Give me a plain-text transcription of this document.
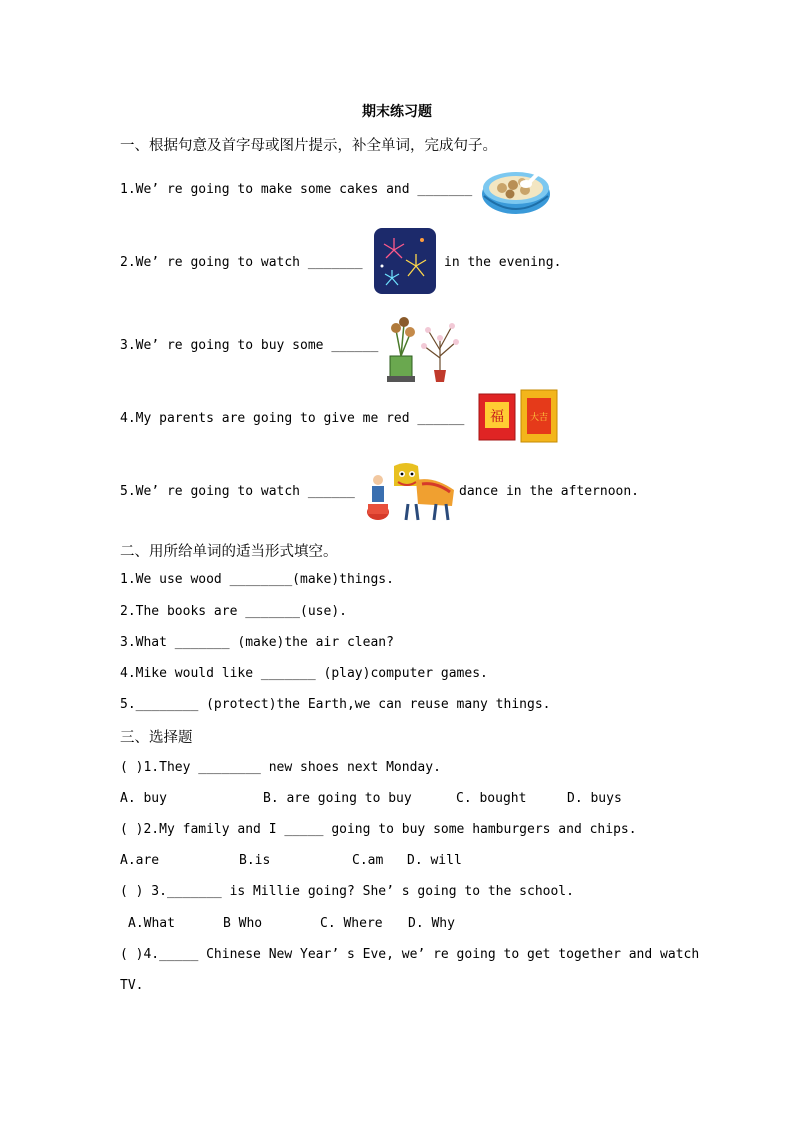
期末练习题
一、根据句意及首字母或图片提示，补全单词，完成句子。
1.We’ re going to make some cakes and _______
2.We’ re going to watch _______	in the evening.
3.We’ re going to buy some ______
4.My parents are going to give me red ______ 福	大吉
5.We’ re going to watch ______	dance in the afternoon.
二、用所给单词的适当形式填空。
1.We use wood ________(make)things.
2.The books are _______(use).
3.What _______ (make)the air clean?
4.Mike would like _______ (play)computer games.
5.________ (protect)the Earth,we can reuse many things.
三、选择题
( )1.They ________ new shoes next Monday.
A. buy	B. are going to buy	C. bought	D. buys
( )2.My family and I _____ going to buy some hamburgers and chips.
A.are	B.is	C.am D. will
( ) 3._______ is Millie going? She’ s going to the school.
A.What	B Who	C. Where D. Why
( )4._____ Chinese New Year’ s Eve, we’ re going to get together and watch
TV.
